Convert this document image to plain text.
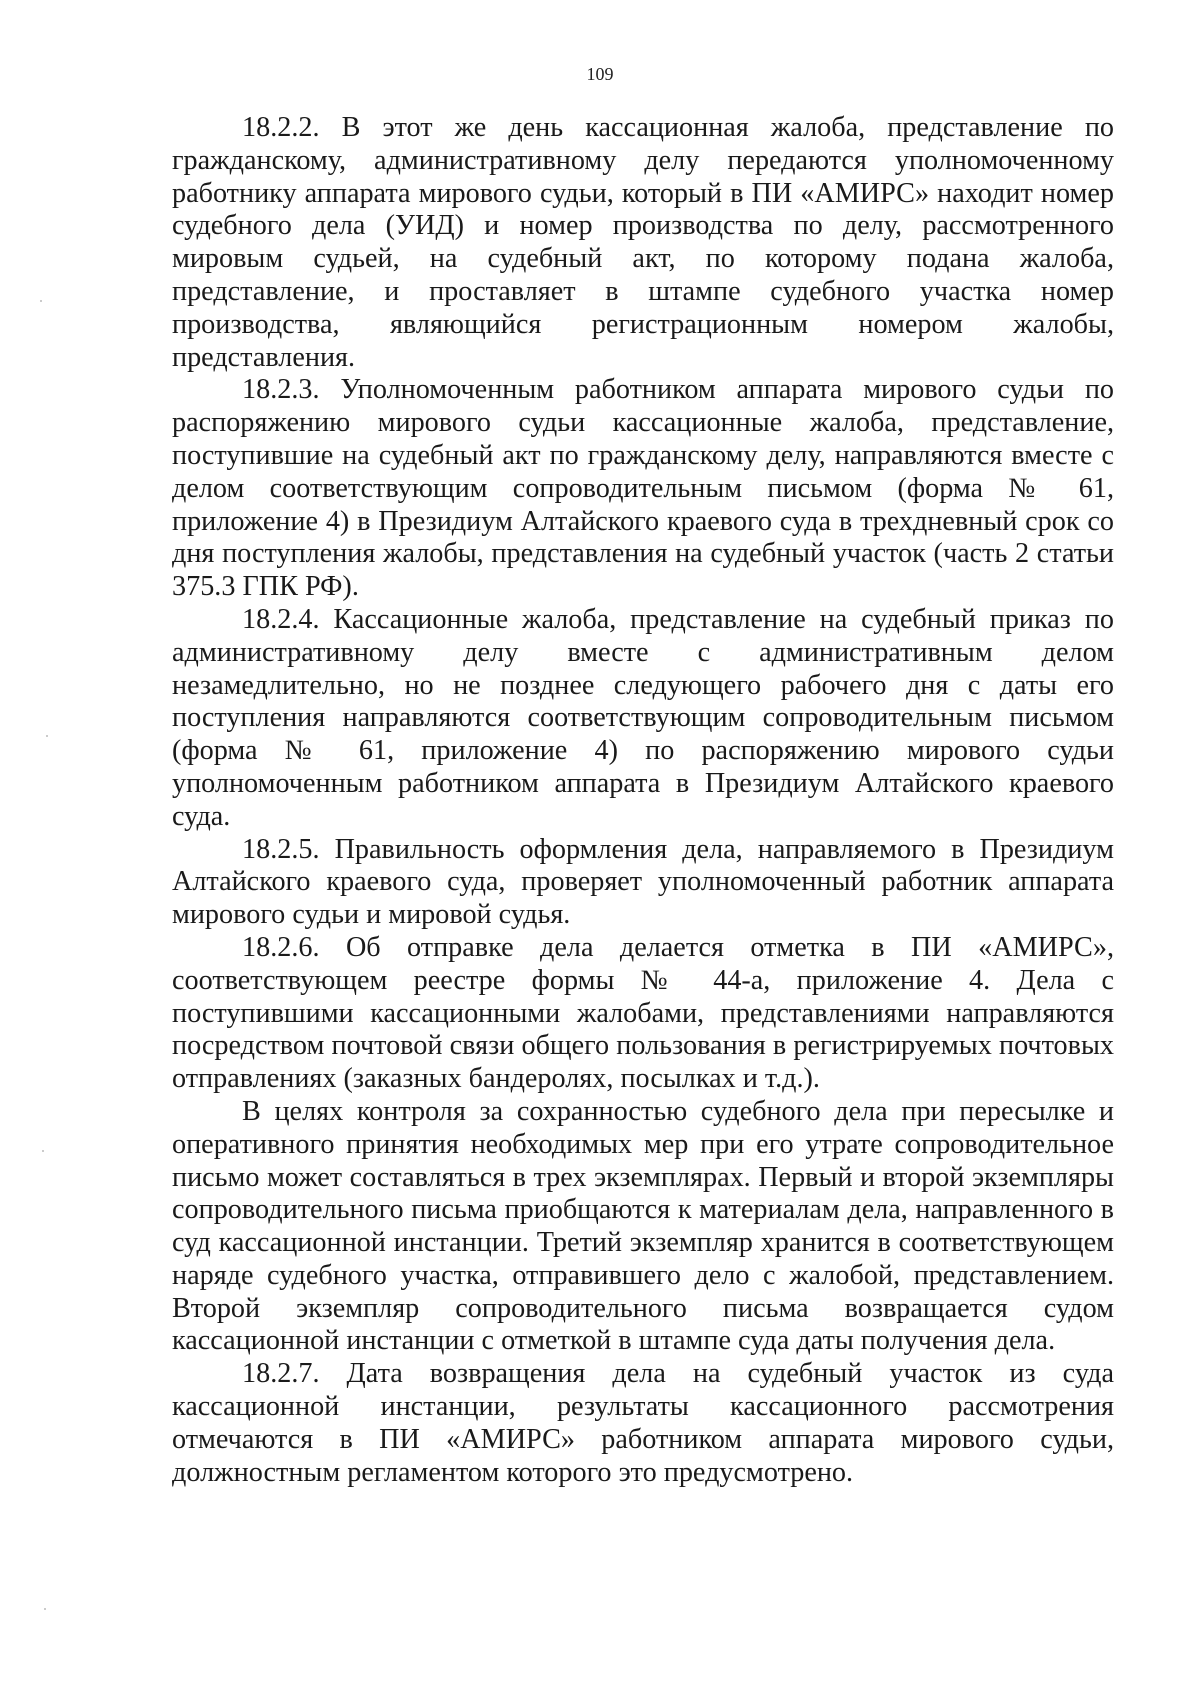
109

18.2.2. В этот же день кассационная жалоба, представление по гражданскому, административному делу передаются уполномоченному работнику аппарата мирового судьи, который в ПИ «АМИРС» находит номер судебного дела (УИД) и номер производства по делу, рассмотренного мировым судьей, на судебный акт, по которому подана жалоба, представление, и проставляет в штампе судебного участка номер производства, являющийся регистрационным номером жалобы, представления.

18.2.3. Уполномоченным работником аппарата мирового судьи по распоряжению мирового судьи кассационные жалоба, представление, поступившие на судебный акт по гражданскому делу, направляются вместе с делом соответствующим сопроводительным письмом (форма № 61, приложение 4) в Президиум Алтайского краевого суда в трехдневный срок со дня поступления жалобы, представления на судебный участок (часть 2 статьи 375.3 ГПК РФ).

18.2.4. Кассационные жалоба, представление на судебный приказ по административному делу вместе с административным делом незамедлительно, но не позднее следующего рабочего дня с даты его поступления направляются соответствующим сопроводительным письмом (форма № 61, приложение 4) по распоряжению мирового судьи уполномоченным работником аппарата в Президиум Алтайского краевого суда.

18.2.5. Правильность оформления дела, направляемого в Президиум Алтайского краевого суда, проверяет уполномоченный работник аппарата мирового судьи и мировой судья.

18.2.6. Об отправке дела делается отметка в ПИ «АМИРС», соответствующем реестре формы № 44-а, приложение 4. Дела с поступившими кассационными жалобами, представлениями направляются посредством почтовой связи общего пользования в регистрируемых почтовых отправлениях (заказных бандеролях, посылках и т.д.).

В целях контроля за сохранностью судебного дела при пересылке и оперативного принятия необходимых мер при его утрате сопроводительное письмо может составляться в трех экземплярах. Первый и второй экземпляры сопроводительного письма приобщаются к материалам дела, направленного в суд кассационной инстанции. Третий экземпляр хранится в соответствующем наряде судебного участка, отправившего дело с жалобой, представлением. Второй экземпляр сопроводительного письма возвращается судом кассационной инстанции с отметкой в штампе суда даты получения дела.

18.2.7. Дата возвращения дела на судебный участок из суда кассационной инстанции, результаты кассационного рассмотрения отмечаются в ПИ «АМИРС» работником аппарата мирового судьи, должностным регламентом которого это предусмотрено.
